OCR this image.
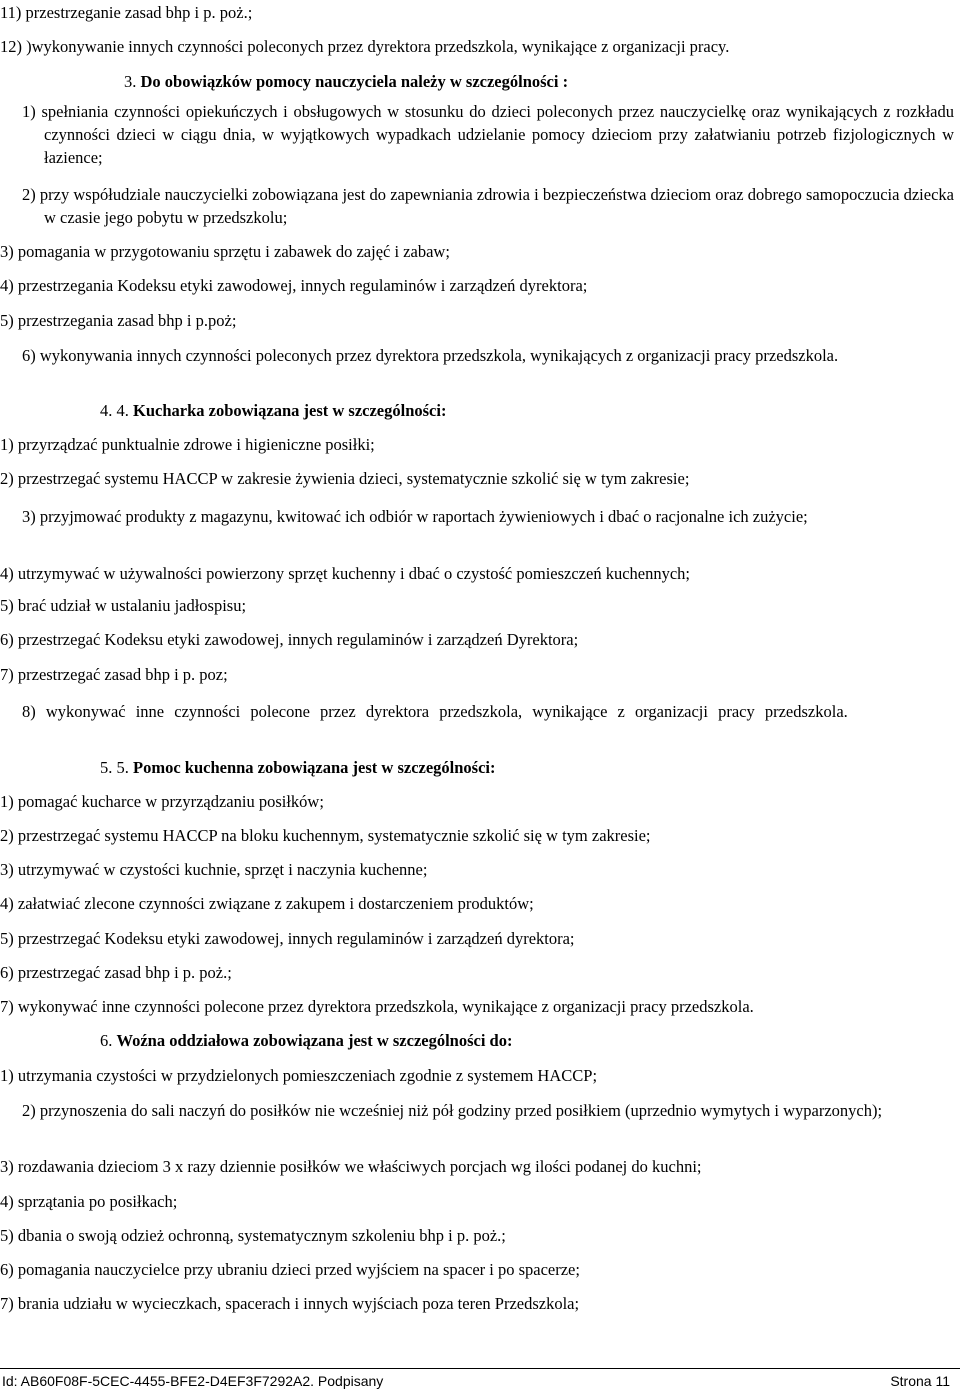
11) przestrzeganie zasad bhp i p. poż.;
12) )wykonywanie innych czynności poleconych przez dyrektora przedszkola, wynikające z organizacji pracy.
3. Do obowiązków pomocy nauczyciela należy w szczególności :
1) spełniania czynności opiekuńczych i obsługowych w stosunku do dzieci poleconych przez nauczycielkę oraz wynikających z rozkładu czynności dzieci w ciągu dnia, w wyjątkowych wypadkach udzielanie pomocy dzieciom przy załatwianiu potrzeb fizjologicznych w łazience;
2) przy współudziale nauczycielki zobowiązana jest do zapewniania zdrowia i bezpieczeństwa dzieciom oraz dobrego samopoczucia dziecka w czasie jego pobytu w przedszkolu;
3) pomagania w przygotowaniu sprzętu i zabawek do zajęć i zabaw;
4) przestrzegania Kodeksu etyki zawodowej, innych regulaminów i zarządzeń dyrektora;
5) przestrzegania zasad bhp i p.poż;
6) wykonywania innych czynności poleconych przez dyrektora przedszkola, wynikających z organizacji pracy przedszkola.
4. 4. Kucharka zobowiązana jest w szczególności:
1) przyrządzać punktualnie zdrowe i higieniczne posiłki;
2) przestrzegać systemu HACCP w zakresie żywienia dzieci, systematycznie szkolić się w tym zakresie;
3) przyjmować produkty z magazynu, kwitować ich odbiór w raportach żywieniowych i dbać o racjonalne ich zużycie;
4) utrzymywać w używalności powierzony sprzęt kuchenny i dbać o czystość pomieszczeń kuchennych;
5) brać udział w ustalaniu jadłospisu;
6) przestrzegać Kodeksu etyki zawodowej, innych regulaminów i zarządzeń Dyrektora;
7) przestrzegać zasad bhp i p. poz;
8) wykonywać inne czynności polecone przez dyrektora przedszkola, wynikające z organizacji pracy przedszkola.
5. 5. Pomoc kuchenna zobowiązana jest w szczególności:
1) pomagać kucharce w przyrządzaniu posiłków;
2) przestrzegać systemu HACCP na bloku kuchennym, systematycznie szkolić się w tym zakresie;
3) utrzymywać w czystości kuchnie, sprzęt i naczynia kuchenne;
4) załatwiać zlecone czynności związane z zakupem i dostarczeniem produktów;
5) przestrzegać Kodeksu etyki zawodowej, innych regulaminów i zarządzeń dyrektora;
6) przestrzegać zasad bhp i p. poż.;
7) wykonywać inne czynności polecone przez dyrektora przedszkola, wynikające z organizacji pracy przedszkola.
6. Woźna oddziałowa zobowiązana jest w szczególności do:
1) utrzymania czystości w przydzielonych pomieszczeniach zgodnie z systemem HACCP;
2) przynoszenia do sali naczyń do posiłków nie wcześniej niż pół godziny przed posiłkiem (uprzednio wymytych i wyparzonych);
3) rozdawania dzieciom 3 x razy dziennie posiłków we właściwych porcjach wg ilości podanej do kuchni;
4) sprzątania po posiłkach;
5) dbania o swoją odzież ochronną, systematycznym szkoleniu bhp i p. poż.;
6) pomagania nauczycielce przy ubraniu dzieci przed wyjściem na spacer i po spacerze;
7) brania udziału w wycieczkach, spacerach i innych wyjściach poza teren Przedszkola;
Id: AB60F08F-5CEC-4455-BFE2-D4EF3F7292A2. Podpisany	Strona 11
